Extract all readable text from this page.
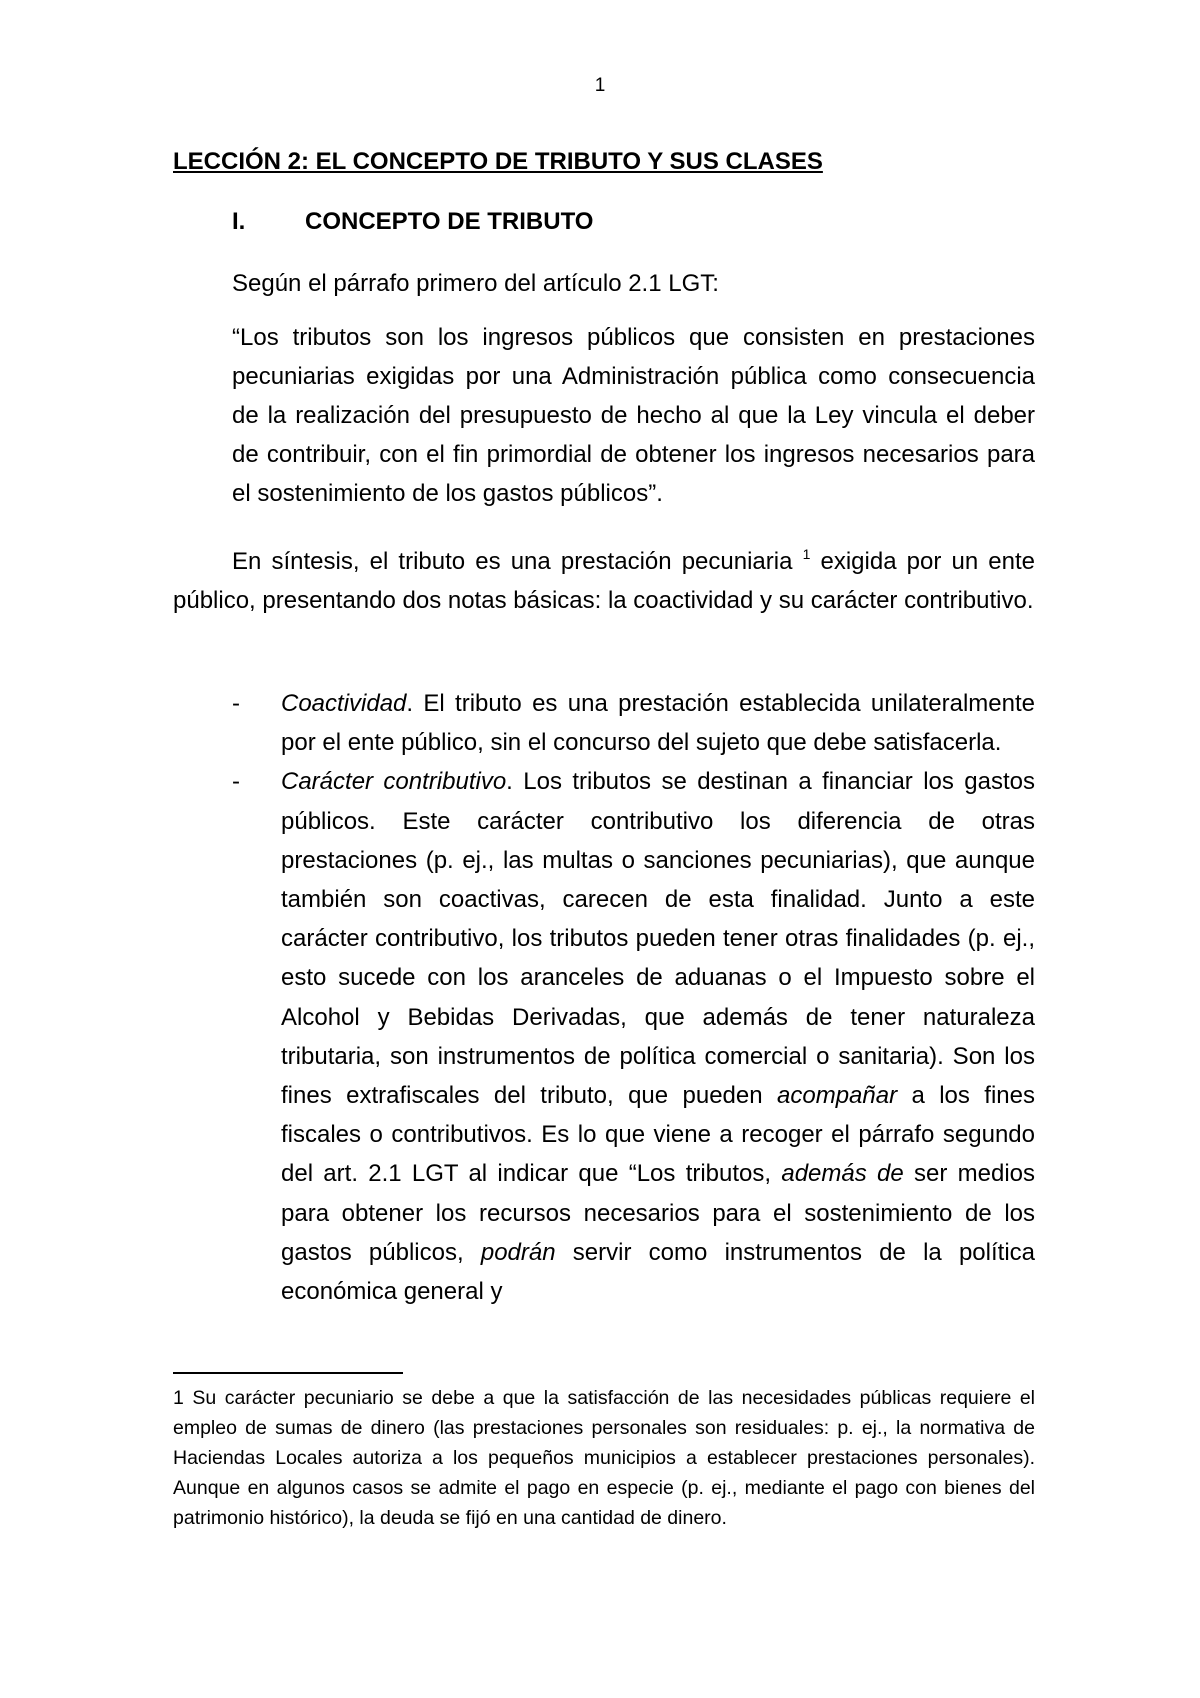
1
LECCIÓN 2: EL CONCEPTO DE TRIBUTO Y SUS CLASES
I. CONCEPTO DE TRIBUTO

Según el párrafo primero del artículo 2.1 LGT:

“Los tributos son los ingresos públicos que consisten en prestaciones pecuniarias exigidas por una Administración pública como consecuencia de la realización del presupuesto de hecho al que la Ley vincula el deber de contribuir, con el fin primordial de obtener los ingresos necesarios para el sostenimiento de los gastos públicos”.

En síntesis, el tributo es una prestación pecuniaria $^1$ exigida por un ente público, presentando dos notas básicas: la coactividad y su carácter contributivo.

- Coactividad. El tributo es una prestación establecida unilateralmente por el ente público, sin el concurso del sujeto que debe satisfacerla.
- Carácter contributivo. Los tributos se destinan a financiar los gastos públicos. Este carácter contributivo los diferencia de otras prestaciones (p. ej., las multas o sanciones pecuniarias), que aunque también son coactivas, carecen de esta finalidad. Junto a este carácter contributivo, los tributos pueden tener otras finalidades (p. ej., esto sucede con los aranceles de aduanas o el Impuesto sobre el Alcohol y Bebidas Derivadas, que además de tener naturaleza tributaria, son instrumentos de política comercial o sanitaria). Son los fines extrafiscales del tributo, que pueden acompañar a los fines fiscales o contributivos. Es lo que viene a recoger el párrafo segundo del art. 2.1 LGT al indicar que “Los tributos, además de ser medios para obtener los recursos necesarios para el sostenimiento de los gastos públicos, podrán servir como instrumentos de la política económica general y

1 Su carácter pecuniario se debe a que la satisfacción de las necesidades públicas requiere el empleo de sumas de dinero (las prestaciones personales son residuales: p. ej., la normativa de Haciendas Locales autoriza a los pequeños municipios a establecer prestaciones personales). Aunque en algunos casos se admite el pago en especie (p. ej., mediante el pago con bienes del patrimonio histórico), la deuda se fijó en una cantidad de dinero.
